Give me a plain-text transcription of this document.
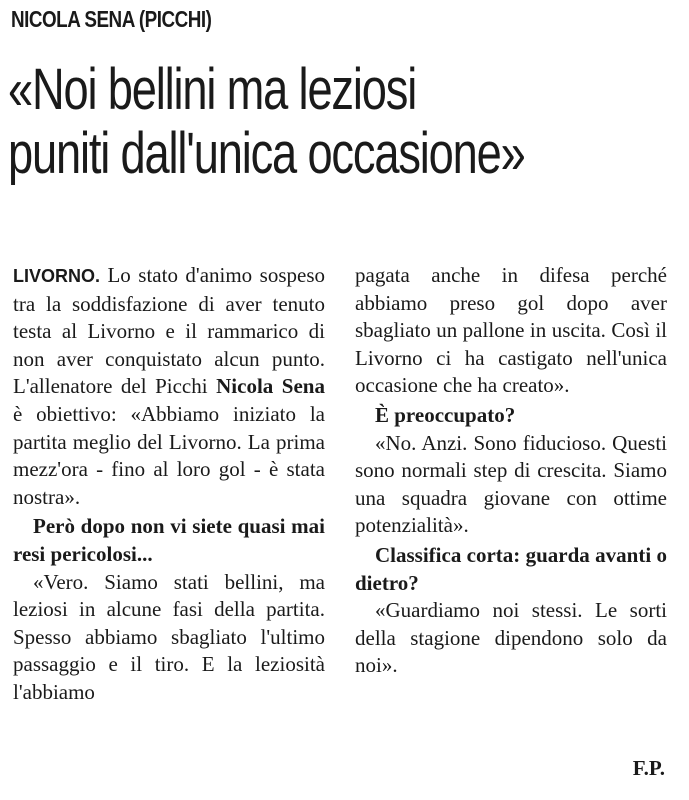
NICOLA SENA (PICCHI)
«Noi bellini ma leziosi
puniti dall'unica occasione»

LIVORNO. Lo stato d'animo sospeso tra la soddisfazione di aver tenuto testa al Livorno e il rammarico di non aver conquistato alcun punto. L'allenatore del Picchi Nicola Sena è obiettivo: «Abbiamo iniziato la partita meglio del Livorno. La prima mezz'ora - fino al loro gol - è stata nostra».

Però dopo non vi siete quasi mai resi pericolosi...

«Vero. Siamo stati bellini, ma leziosi in alcune fasi della partita. Spesso abbiamo sbagliato l'ultimo passaggio e il tiro. E la leziosità l'abbiamo

pagata anche in difesa perché abbiamo preso gol dopo aver sbagliato un pallone in uscita. Così il Livorno ci ha castigato nell'unica occasione che ha creato».

È preoccupato?

«No. Anzi. Sono fiducioso. Questi sono normali step di crescita. Siamo una squadra giovane con ottime potenzialità».

Classifica corta: guarda avanti o dietro?

«Guardiamo noi stessi. Le sorti della stagione dipendono solo da noi».

F.P.
